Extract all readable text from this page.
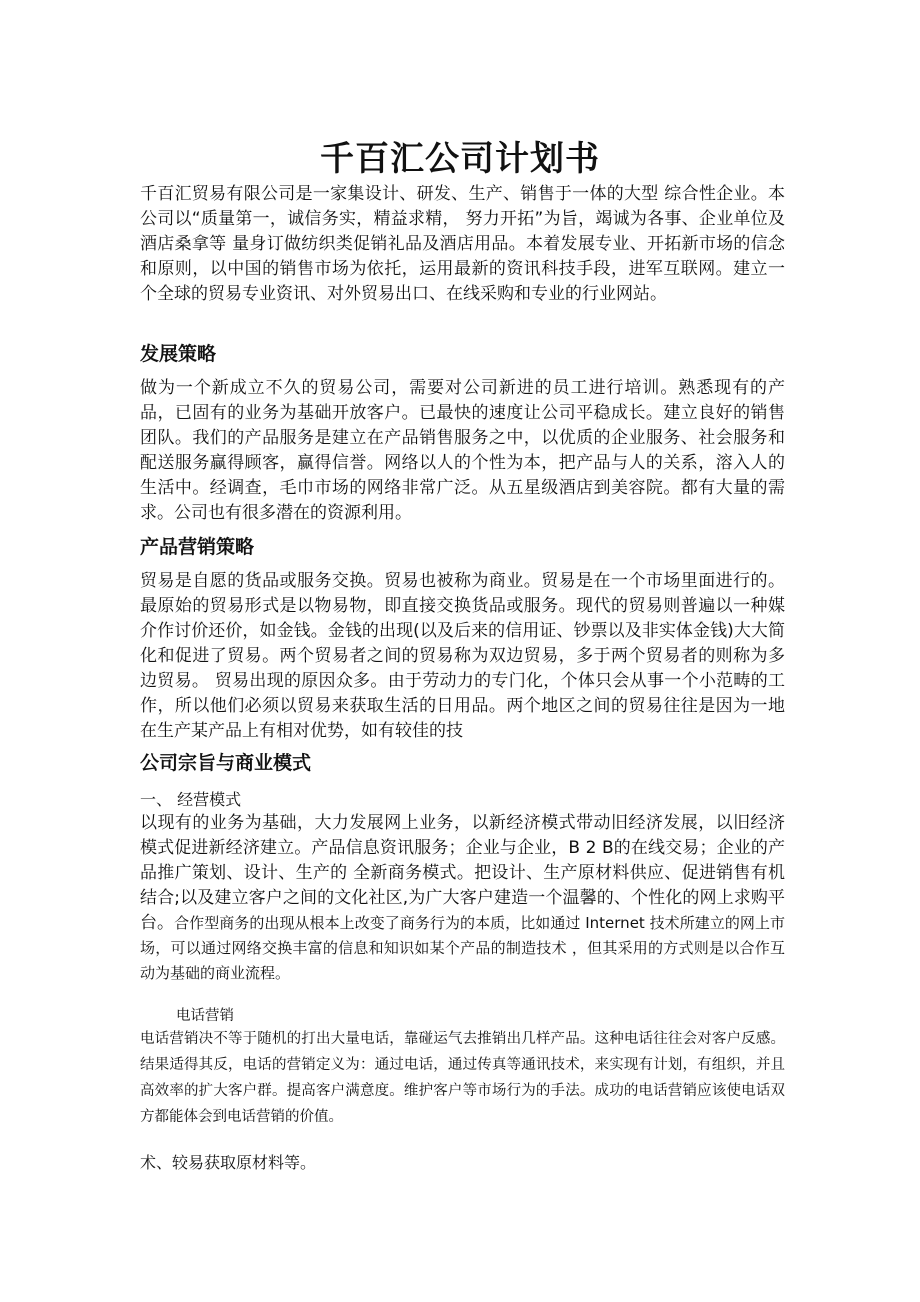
千百汇公司计划书

千百汇贸易有限公司是一家集设计、研发、生产、销售于一体的大型 综合性企业。本公司以“质量第一，诚信务实，精益求精， 努力开拓”为旨，竭诚为各事、企业单位及酒店桑拿等 量身订做纺织类促销礼品及酒店用品。本着发展专业、开拓新市场的信念和原则，以中国的销售市场为依托，运用最新的资讯科技手段，进军互联网。建立一个全球的贸易专业资讯、对外贸易出口、在线采购和专业的行业网站。

发展策略

做为一个新成立不久的贸易公司，需要对公司新进的员工进行培训。熟悉现有的产品，已固有的业务为基础开放客户。已最快的速度让公司平稳成长。建立良好的销售团队。我们的产品服务是建立在产品销售服务之中，以优质的企业服务、社会服务和配送服务赢得顾客，赢得信誉。网络以人的个性为本，把产品与人的关系，溶入人的生活中。经调查，毛巾市场的网络非常广泛。从五星级酒店到美容院。都有大量的需求。公司也有很多潜在的资源利用。

产品营销策略

贸易是自愿的货品或服务交换。贸易也被称为商业。贸易是在一个市场里面进行的。最原始的贸易形式是以物易物，即直接交换货品或服务。现代的贸易则普遍以一种媒介作讨价还价，如金钱。金钱的出现(以及后来的信用证、钞票以及非实体金钱)大大简化和促进了贸易。两个贸易者之间的贸易称为双边贸易，多于两个贸易者的则称为多边贸易。 贸易出现的原因众多。由于劳动力的专门化，个体只会从事一个小范畴的工作，所以他们必须以贸易来获取生活的日用品。两个地区之间的贸易往往是因为一地在生产某产品上有相对优势，如有较佳的技

公司宗旨与商业模式

一、 经营模式

以现有的业务为基础，大力发展网上业务，以新经济模式带动旧经济发展，以旧经济模式促进新经济建立。产品信息资讯服务；企业与企业，B 2 B的在线交易；企业的产品推广策划、设计、生产的 全新商务模式。把设计、生产原材料供应、促进销售有机结合;以及建立客户之间的文化社区,为广大客户建造一个温馨的、个性化的网上求购平台。合作型商务的出现从根本上改变了商务行为的本质，比如通过 Internet 技术所建立的网上市场，可以通过网络交换丰富的信息和知识如某个产品的制造技术 ，但其采用的方式则是以合作互动为基础的商业流程。

电话营销

电话营销决不等于随机的打出大量电话，靠碰运气去推销出几样产品。这种电话往往会对客户反感。结果适得其反，电话的营销定义为：通过电话，通过传真等通讯技术，来实现有计划，有组织，并且高效率的扩大客户群。提高客户满意度。维护客户等市场行为的手法。成功的电话营销应该使电话双方都能体会到电话营销的价值。

术、较易获取原材料等。
